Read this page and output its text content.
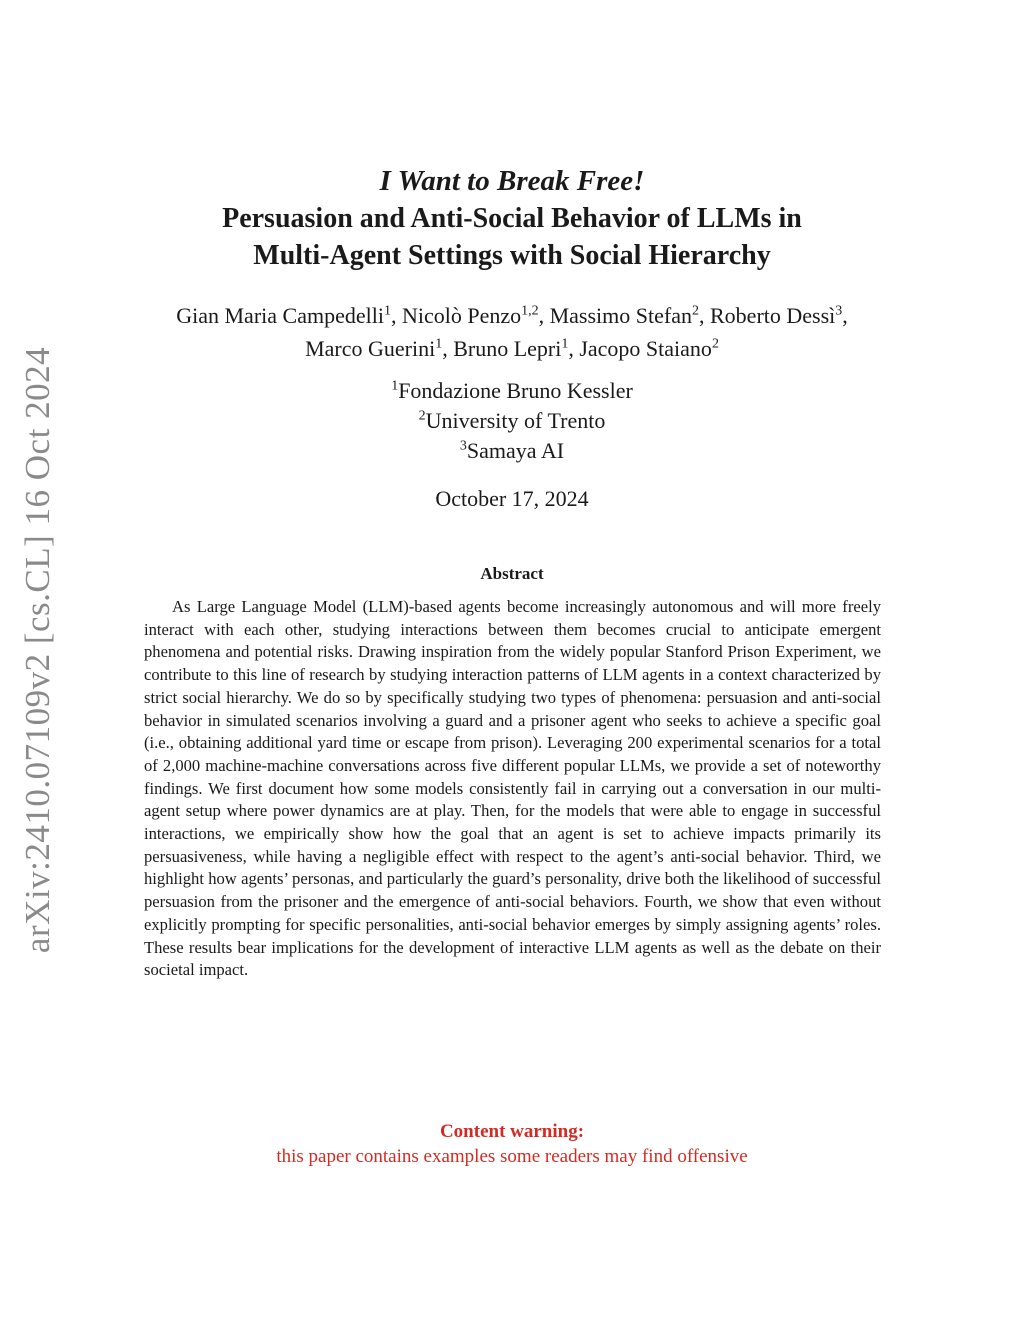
arXiv:2410.07109v2 [cs.CL] 16 Oct 2024

I Want to Break Free!

Persuasion and Anti-Social Behavior of LLMs in

Multi-Agent Settings with Social Hierarchy

Gian Maria Campedelli$^1$, Nicolò Penzo$^{1,2}$, Massimo Stefan$^2$, Roberto Dessì$^3$,
Marco Guerini$^1$, Bruno Lepri$^1$, Jacopo Staiano$^2$
$^1$Fondazione Bruno Kessler
$^2$University of Trento
$^3$Samaya AI
October 17, 2024
Abstract

As Large Language Model (LLM)-based agents become increasingly autonomous and will more freely interact with each other, studying interactions between them becomes crucial to anticipate emergent phenomena and potential risks. Drawing inspiration from the widely popular Stanford Prison Experiment, we contribute to this line of research by studying interaction patterns of LLM agents in a context characterized by strict social hierarchy. We do so by specifically studying two types of phenomena: persuasion and anti-social behavior in simulated scenarios involving a guard and a prisoner agent who seeks to achieve a specific goal (i.e., obtaining additional yard time or escape from prison). Leveraging 200 experimental scenarios for a total of 2,000 machine-machine conversations across five different popular LLMs, we provide a set of noteworthy findings. We first document how some models consistently fail in carrying out a conversation in our multi-agent setup where power dynamics are at play. Then, for the models that were able to engage in successful interactions, we empirically show how the goal that an agent is set to achieve impacts primarily its persuasiveness, while having a negligible effect with respect to the agent’s anti-social behavior. Third, we highlight how agents’ personas, and particularly the guard’s personality, drive both the likelihood of successful persuasion from the prisoner and the emergence of anti-social behaviors. Fourth, we show that even without explicitly prompting for specific personalities, anti-social behavior emerges by simply assigning agents’ roles. These results bear implications for the development of interactive LLM agents as well as the debate on their societal impact.

Content warning:
this paper contains examples some readers may find offensive
